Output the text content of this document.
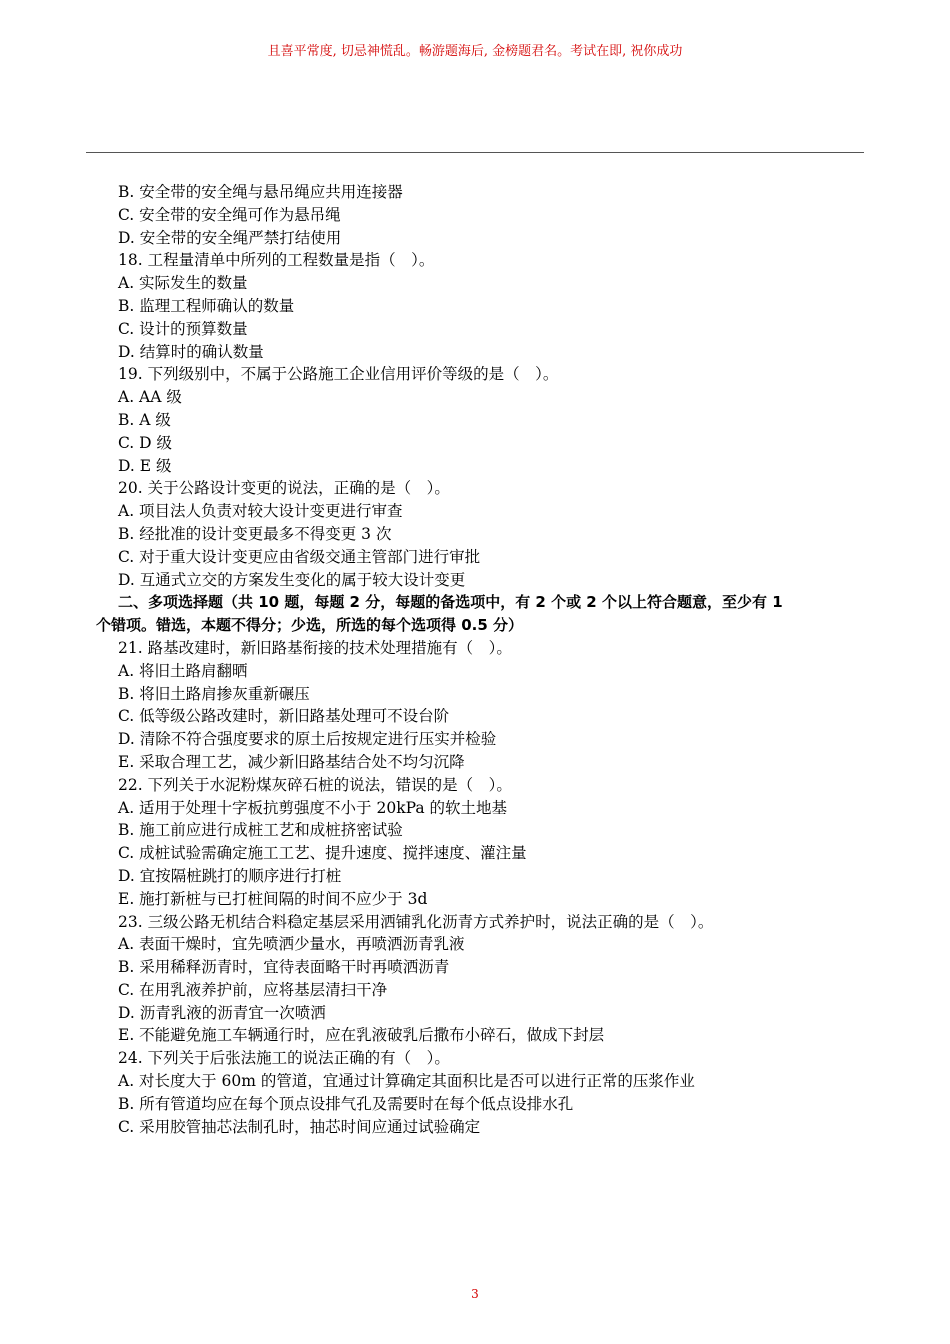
且喜平常度, 切忌神慌乱。畅游题海后, 金榜题君名。考试在即, 祝你成功
B. 安全带的安全绳与悬吊绳应共用连接器
C. 安全带的安全绳可作为悬吊绳
D. 安全带的安全绳严禁打结使用
18. 工程量清单中所列的工程数量是指（　）。
A. 实际发生的数量
B. 监理工程师确认的数量
C. 设计的预算数量
D. 结算时的确认数量
19. 下列级别中，不属于公路施工企业信用评价等级的是（　）。
A. AA 级
B. A 级
C. D 级
D. E 级
20. 关于公路设计变更的说法，正确的是（　）。
A. 项目法人负责对较大设计变更进行审查
B. 经批准的设计变更最多不得变更 3 次
C. 对于重大设计变更应由省级交通主管部门进行审批
D. 互通式立交的方案发生变化的属于较大设计变更
二、多项选择题（共 10 题，每题 2 分，每题的备选项中，有 2 个或 2 个以上符合题意，至少有 1
个错项。错选，本题不得分；少选，所选的每个选项得 0.5 分）
21. 路基改建时，新旧路基衔接的技术处理措施有（　）。
A. 将旧土路肩翻晒
B. 将旧土路肩掺灰重新碾压
C. 低等级公路改建时，新旧路基处理可不设台阶
D. 清除不符合强度要求的原土后按规定进行压实并检验
E. 采取合理工艺，减少新旧路基结合处不均匀沉降
22. 下列关于水泥粉煤灰碎石桩的说法，错误的是（　）。
A. 适用于处理十字板抗剪强度不小于 20kPa 的软土地基
B. 施工前应进行成桩工艺和成桩挤密试验
C. 成桩试验需确定施工工艺、提升速度、搅拌速度、灌注量
D. 宜按隔桩跳打的顺序进行打桩
E. 施打新桩与已打桩间隔的时间不应少于 3d
23. 三级公路无机结合料稳定基层采用洒铺乳化沥青方式养护时，说法正确的是（　）。
A. 表面干燥时，宜先喷洒少量水，再喷洒沥青乳液
B. 采用稀释沥青时，宜待表面略干时再喷洒沥青
C. 在用乳液养护前，应将基层清扫干净
D. 沥青乳液的沥青宜一次喷洒
E. 不能避免施工车辆通行时，应在乳液破乳后撒布小碎石，做成下封层
24. 下列关于后张法施工的说法正确的有（　）。
A. 对长度大于 60m 的管道，宜通过计算确定其面积比是否可以进行正常的压浆作业
B. 所有管道均应在每个顶点设排气孔及需要时在每个低点设排水孔
C. 采用胶管抽芯法制孔时，抽芯时间应通过试验确定
3
